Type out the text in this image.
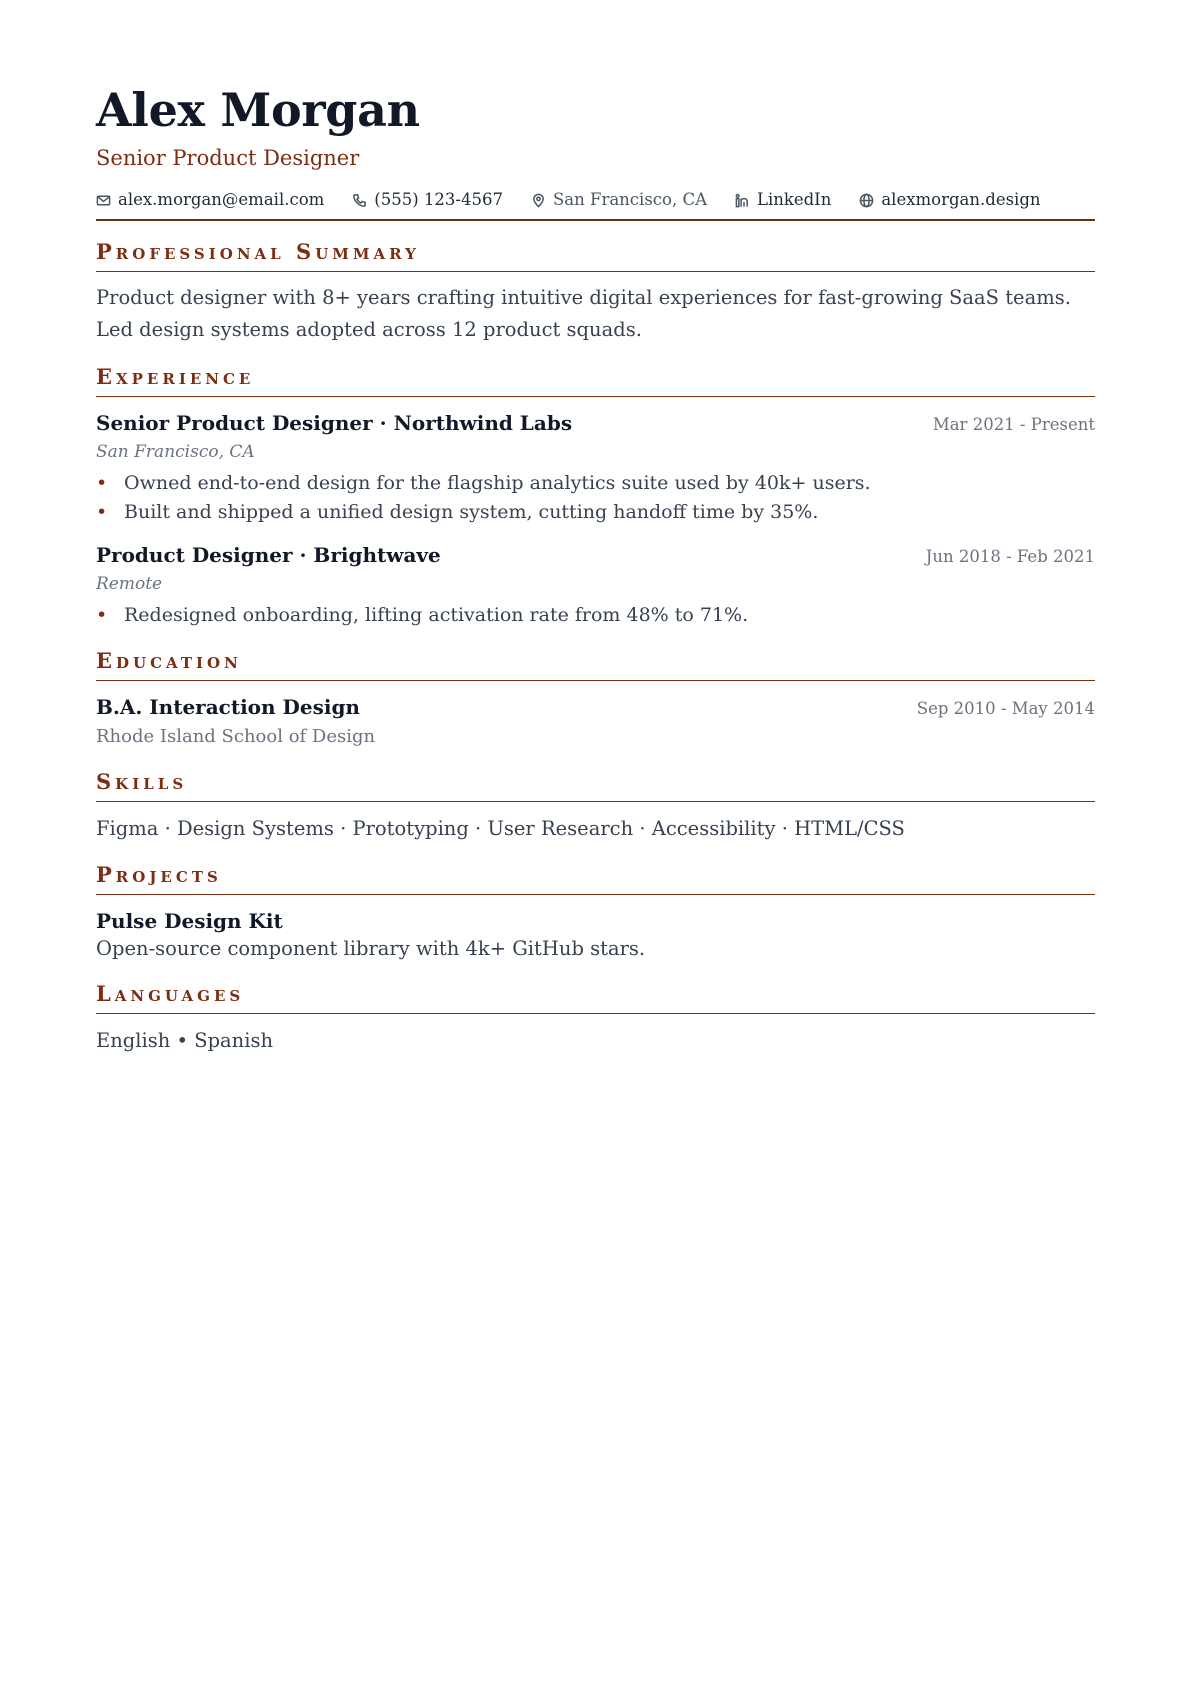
Alex Morgan
Senior Product Designer
alex.morgan@email.com	(555) 123-4567	San Francisco, CA	LinkedIn	alexmorgan.design
Professional Summary

Product designer with 8+ years crafting intuitive digital experiences for fast-growing SaaS teams. Led design systems adopted across 12 product squads.

Experience
Senior Product Designer · Northwind Labs	Mar 2021 - Present
San Francisco, CA
• Owned end-to-end design for the flagship analytics suite used by 40k+ users.
• Built and shipped a unified design system, cutting handoff time by 35%.
Product Designer · Brightwave	Jun 2018 - Feb 2021
Remote
• Redesigned onboarding, lifting activation rate from 48% to 71%.
Education
B.A. Interaction Design	Sep 2010 - May 2014
Rhode Island School of Design
Skills
Figma · Design Systems · Prototyping · User Research · Accessibility · HTML/CSS
Projects
Pulse Design Kit
Open-source component library with 4k+ GitHub stars.
Languages
English • Spanish
